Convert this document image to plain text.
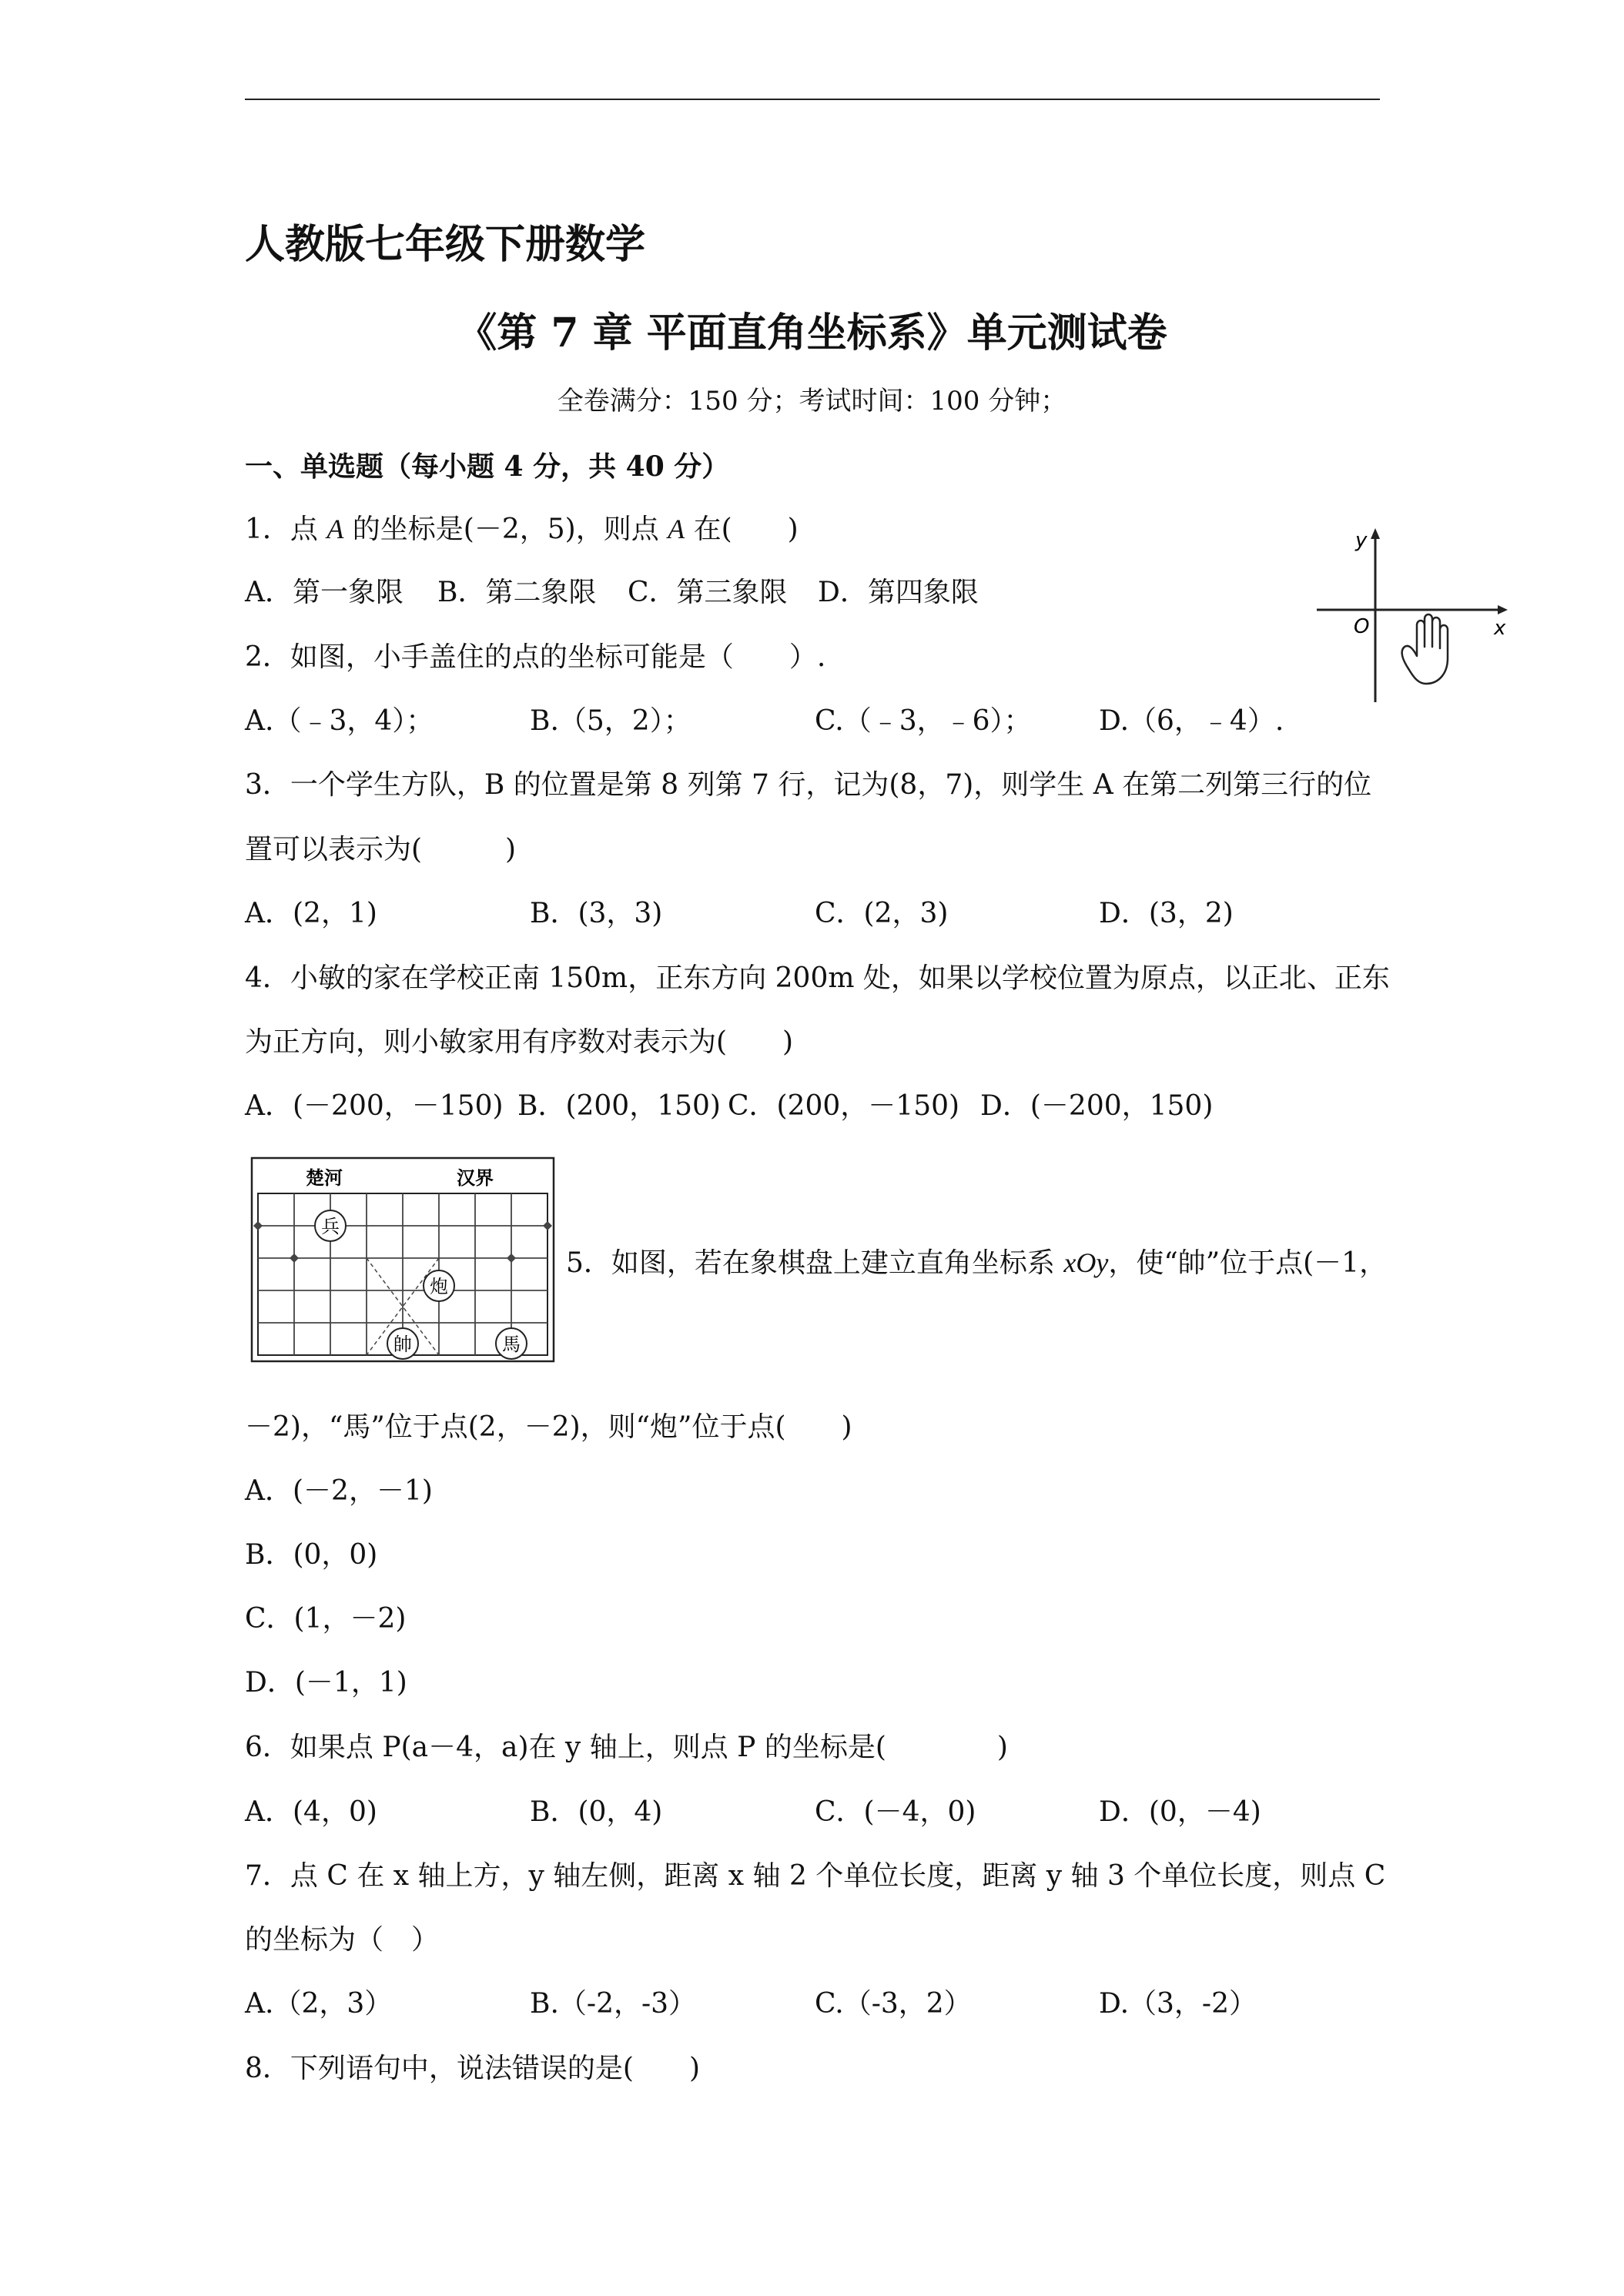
人教版七年级下册数学
《第 7 章 平面直角坐标系》单元测试卷
全卷满分：150 分；考试时间：100 分钟；
一、单选题（每小题 4 分，共 40 分）
1．点 A 的坐标是(－2，5)，则点 A 在(　　)
A．第一象限 B．第二象限 C．第三象限 D．第四象限
y
x
O
2．如图，小手盖住的点的坐标可能是（　　）.
A.（﹣3，4）；	B.（5，2）；	C.（﹣3，﹣6）； D.（6，﹣4）.
3．一个学生方队，B 的位置是第 8 列第 7 行，记为(8，7)，则学生 A 在第二列第三行的位
置可以表示为(　　　)
A．(2，1)	B．(3，3)	C．(2，3)	D．(3，2)
4．小敏的家在学校正南 150m，正东方向 200m 处，如果以学校位置为原点，以正北、正东
为正方向，则小敏家用有序数对表示为(　　)
A．(－200，－150) B．(200，150) C．(200，－150) D．(－200，150)
楚河	汉界
兵
炮
帥	馬
5．如图，若在象棋盘上建立直角坐标系 xOy，使“帥”位于点(－1，
－2)，“馬”位于点(2，－2)，则“炮”位于点(　　)
A．(－2，－1)
B．(0，0)
C．(1，－2)
D．(－1，1)
6．如果点 P(a－4，a)在 y 轴上，则点 P 的坐标是(　　　　)
A．(4，0)	B．(0，4)	C．(－4，0)	D．(0，－4)
7．点 C 在 x 轴上方，y 轴左侧，距离 x 轴 2 个单位长度，距离 y 轴 3 个单位长度，则点 C
的坐标为（　）
A.（2，3）	B.（-2，-3）	C.（-3，2）	D.（3，-2）
8．下列语句中，说法错误的是(　　)
